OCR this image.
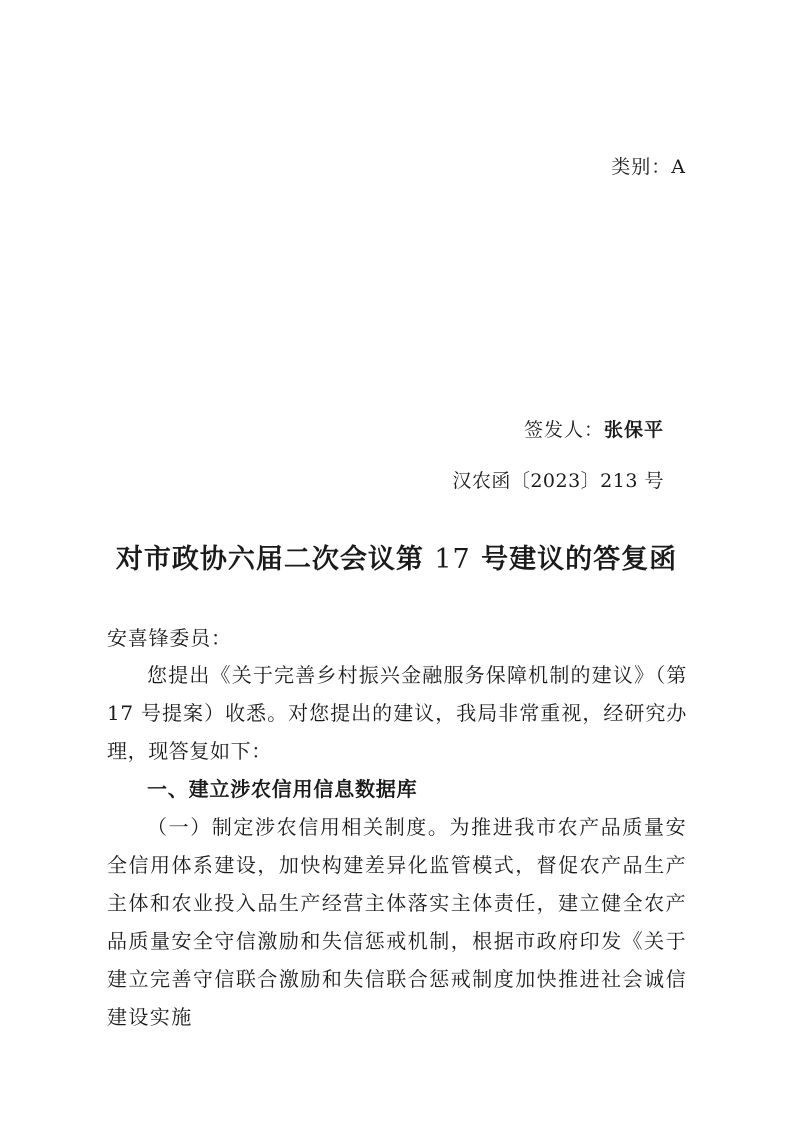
类别：A
签发人：张保平
汉农函〔2023〕213 号
对市政协六届二次会议第 17 号建议的答复函
安喜锋委员：
您提出《关于完善乡村振兴金融服务保障机制的建议》（第 17 号提案）收悉。对您提出的建议，我局非常重视，经研究办理，现答复如下：
一、建立涉农信用信息数据库
（一）制定涉农信用相关制度。为推进我市农产品质量安全信用体系建设，加快构建差异化监管模式，督促农产品生产主体和农业投入品生产经营主体落实主体责任，建立健全农产品质量安全守信激励和失信惩戒机制，根据市政府印发《关于建立完善守信联合激励和失信联合惩戒制度加快推进社会诚信建设实施
